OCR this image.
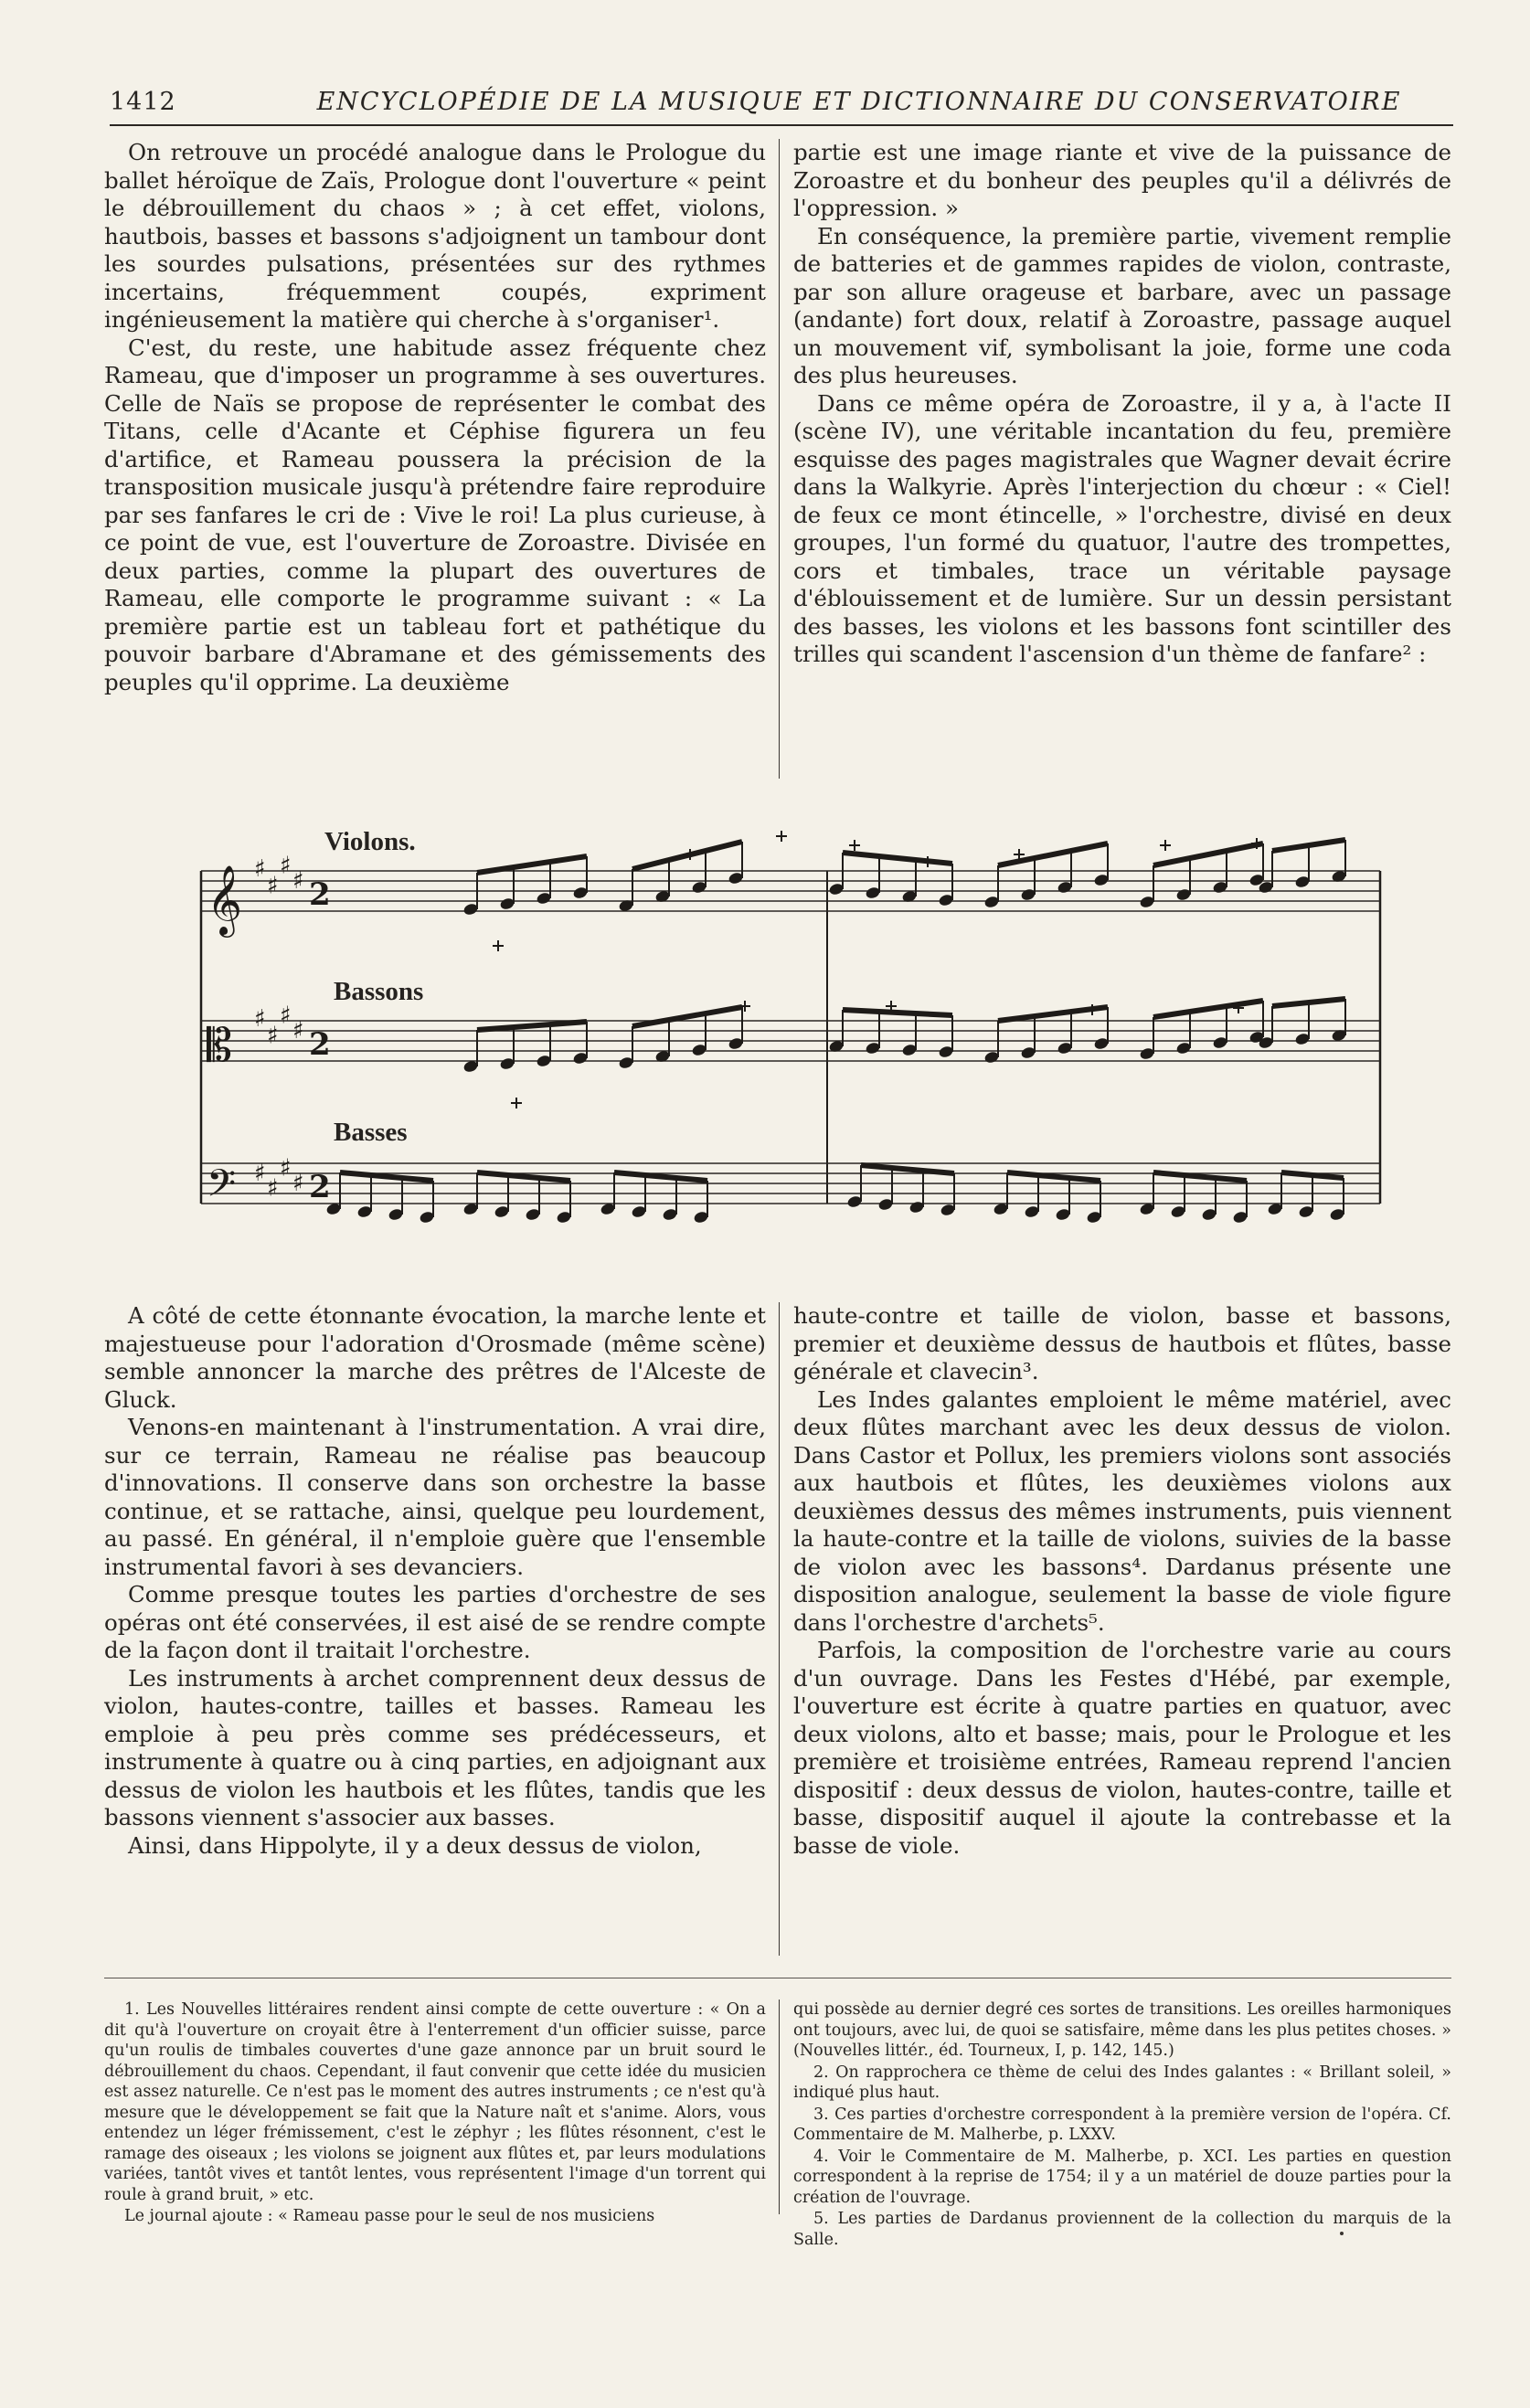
1412	ENCYCLOPÉDIE DE LA MUSIQUE ET DICTIONNAIRE DU CONSERVATOIRE

On retrouve un procédé analogue dans le Prologue du ballet héroïque de Zaïs, Prologue dont l'ouverture « peint le débrouillement du chaos » ; à cet effet, violons, hautbois, basses et bassons s'adjoignent un tambour dont les sourdes pulsations, présentées sur des rythmes incertains, fréquemment coupés, expriment ingénieusement la matière qui cherche à s'organiser¹.

C'est, du reste, une habitude assez fréquente chez Rameau, que d'imposer un programme à ses ouvertures. Celle de Naïs se propose de représenter le combat des Titans, celle d'Acante et Céphise figurera un feu d'artifice, et Rameau poussera la précision de la transposition musicale jusqu'à prétendre faire reproduire par ses fanfares le cri de : Vive le roi! La plus curieuse, à ce point de vue, est l'ouverture de Zoroastre. Divisée en deux parties, comme la plupart des ouvertures de Rameau, elle comporte le programme suivant : « La première partie est un tableau fort et pathétique du pouvoir barbare d'Abramane et des gémissements des peuples qu'il opprime. La deuxième

partie est une image riante et vive de la puissance de Zoroastre et du bonheur des peuples qu'il a délivrés de l'oppression. »

En conséquence, la première partie, vivement remplie de batteries et de gammes rapides de violon, contraste, par son allure orageuse et barbare, avec un passage (andante) fort doux, relatif à Zoroastre, passage auquel un mouvement vif, symbolisant la joie, forme une coda des plus heureuses.

Dans ce même opéra de Zoroastre, il y a, à l'acte II (scène IV), une véritable incantation du feu, première esquisse des pages magistrales que Wagner devait écrire dans la Walkyrie. Après l'interjection du chœur : « Ciel! de feux ce mont étincelle, » l'orchestre, divisé en deux groupes, l'un formé du quatuor, l'autre des trompettes, cors et timbales, trace un véritable paysage d'éblouissement et de lumière. Sur un dessin persistant des basses, les violons et les bassons font scintiller des trilles qui scandent l'ascension d'un thème de fanfare² :

Violons.
Bassons
Basses
𝄞 ♯
♯
♯
♯ 2
𝄡 ♯
♯
♯
♯ 2
𝄢 ♯
♯
♯
♯ 2

A côté de cette étonnante évocation, la marche lente et majestueuse pour l'adoration d'Orosmade (même scène) semble annoncer la marche des prêtres de l'Alceste de Gluck.

Venons-en maintenant à l'instrumentation. A vrai dire, sur ce terrain, Rameau ne réalise pas beaucoup d'innovations. Il conserve dans son orchestre la basse continue, et se rattache, ainsi, quelque peu lourdement, au passé. En général, il n'emploie guère que l'ensemble instrumental favori à ses devanciers.

Comme presque toutes les parties d'orchestre de ses opéras ont été conservées, il est aisé de se rendre compte de la façon dont il traitait l'orchestre.

Les instruments à archet comprennent deux dessus de violon, hautes-contre, tailles et basses. Rameau les emploie à peu près comme ses prédécesseurs, et instrumente à quatre ou à cinq parties, en adjoignant aux dessus de violon les hautbois et les flûtes, tandis que les bassons viennent s'associer aux basses.

Ainsi, dans Hippolyte, il y a deux dessus de violon,

haute-contre et taille de violon, basse et bassons, premier et deuxième dessus de hautbois et flûtes, basse générale et clavecin³.

Les Indes galantes emploient le même matériel, avec deux flûtes marchant avec les deux dessus de violon. Dans Castor et Pollux, les premiers violons sont associés aux hautbois et flûtes, les deuxièmes violons aux deuxièmes dessus des mêmes instruments, puis viennent la haute-contre et la taille de violons, suivies de la basse de violon avec les bassons⁴. Dardanus présente une disposition analogue, seulement la basse de viole figure dans l'orchestre d'archets⁵.

Parfois, la composition de l'orchestre varie au cours d'un ouvrage. Dans les Festes d'Hébé, par exemple, l'ouverture est écrite à quatre parties en quatuor, avec deux violons, alto et basse; mais, pour le Prologue et les première et troisième entrées, Rameau reprend l'ancien dispositif : deux dessus de violon, hautes-contre, taille et basse, dispositif auquel il ajoute la contrebasse et la basse de viole.

1. Les Nouvelles littéraires rendent ainsi compte de cette ouverture : « On a dit qu'à l'ouverture on croyait être à l'enterrement d'un officier suisse, parce qu'un roulis de timbales couvertes d'une gaze annonce par un bruit sourd le débrouillement du chaos. Cependant, il faut convenir que cette idée du musicien est assez naturelle. Ce n'est pas le moment des autres instruments ; ce n'est qu'à mesure que le développement se fait que la Nature naît et s'anime. Alors, vous entendez un léger frémissement, c'est le zéphyr ; les flûtes résonnent, c'est le ramage des oiseaux ; les violons se joignent aux flûtes et, par leurs modulations variées, tantôt vives et tantôt lentes, vous représentent l'image d'un torrent qui roule à grand bruit, » etc.

Le journal ajoute : « Rameau passe pour le seul de nos musiciens

qui possède au dernier degré ces sortes de transitions. Les oreilles harmoniques ont toujours, avec lui, de quoi se satisfaire, même dans les plus petites choses. » (Nouvelles littér., éd. Tourneux, I, p. 142, 145.)

2. On rapprochera ce thème de celui des Indes galantes : « Brillant soleil, » indiqué plus haut.

3. Ces parties d'orchestre correspondent à la première version de l'opéra. Cf. Commentaire de M. Malherbe, p. LXXV.

4. Voir le Commentaire de M. Malherbe, p. XCI. Les parties en question correspondent à la reprise de 1754; il y a un matériel de douze parties pour la création de l'ouvrage.

5. Les parties de Dardanus proviennent de la collection du marquis de la Salle.
